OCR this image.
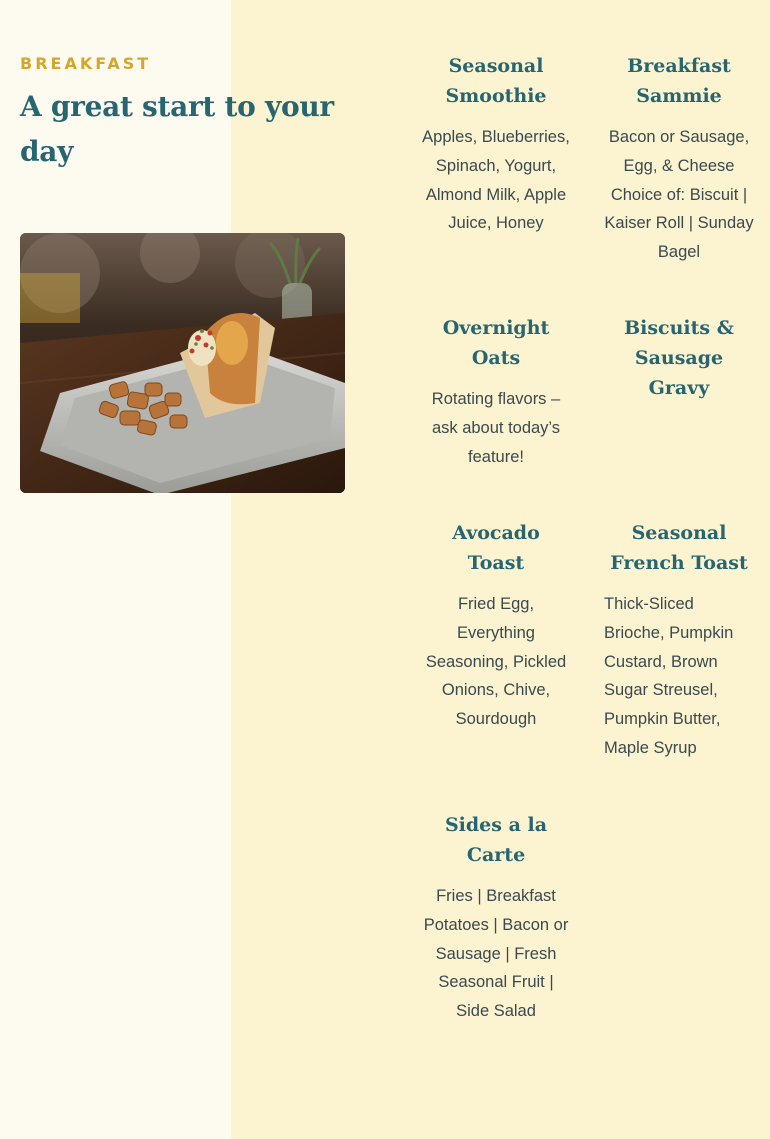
BREAKFAST

A great start to your day
Seasonal Smoothie

Apples, Blueberries, Spinach, Yogurt, Almond Milk, Apple Juice, Honey

Breakfast Sammie

Bacon or Sausage, Egg, & Cheese Choice of: Biscuit | Kaiser Roll | Sunday Bagel

Overnight Oats

Rotating flavors – ask about today’s feature!

Biscuits & Sausage Gravy

Avocado Toast

Fried Egg, Everything Seasoning, Pickled Onions, Chive, Sourdough

Seasonal French Toast

Thick-Sliced Brioche, Pumpkin Custard, Brown Sugar Streusel, Pumpkin Butter, Maple Syrup

Sides a la Carte

Fries | Breakfast Potatoes | Bacon or Sausage | Fresh Seasonal Fruit | Side Salad
